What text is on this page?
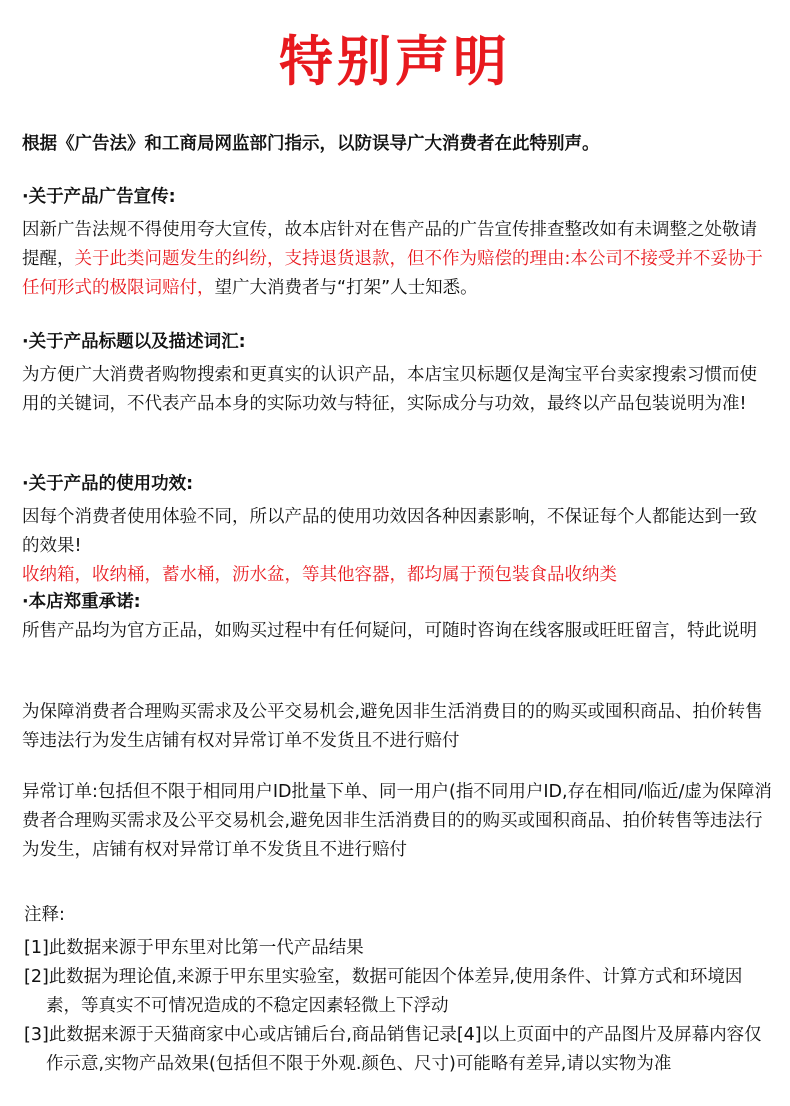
特别声明
根据《广告法》和工商局网监部门指示，以防误导广大消费者在此特别声。
·关于产品广告宣传:
因新广告法规不得使用夸大宣传，故本店针对在售产品的广告宣传排查整改如有未调整之处敬请提醒，关于此类问题发生的纠纷，支持退货退款，但不作为赔偿的理由:本公司不接受并不妥协于任何形式的极限词赔付，望广大消费者与“打架”人士知悉。
·关于产品标题以及描述词汇:
为方便广大消费者购物搜索和更真实的认识产品，本店宝贝标题仅是淘宝平台卖家搜索习惯而使用的关键词，不代表产品本身的实际功效与特征，实际成分与功效，最终以产品包装说明为准!
·关于产品的使用功效:
因每个消费者使用体验不同，所以产品的使用功效因各种因素影响，不保证每个人都能达到一致的效果!
收纳箱，收纳桶，蓄水桶，沥水盆，等其他容器，都均属于预包装食品收纳类
·本店郑重承诺:
所售产品均为官方正品，如购买过程中有任何疑问，可随时咨询在线客服或旺旺留言，特此说明
为保障消费者合理购买需求及公平交易机会,避免因非生活消费目的的购买或囤积商品、拍价转售等违法行为发生店铺有权对异常订单不发货且不进行赔付
异常订单:包括但不限于相同用户ID批量下单、同一用户(指不同用户ID,存在相同/临近/虚为保障消费者合理购买需求及公平交易机会,避免因非生活消费目的的购买或囤积商品、拍价转售等违法行为发生，店铺有权对异常订单不发货且不进行赔付
注释:
[1]此数据来源于甲东里对比第一代产品结果
[2]此数据为理论值,来源于甲东里实验室，数据可能因个体差异,使用条件、计算方式和环境因素，等真实不可情况造成的不稳定因素轻微上下浮动
[3]此数据来源于天猫商家中心或店铺后台,商品销售记录[4]以上页面中的产品图片及屏幕内容仅作示意,实物产品效果(包括但不限于外观.颜色、尺寸)可能略有差异,请以实物为准
